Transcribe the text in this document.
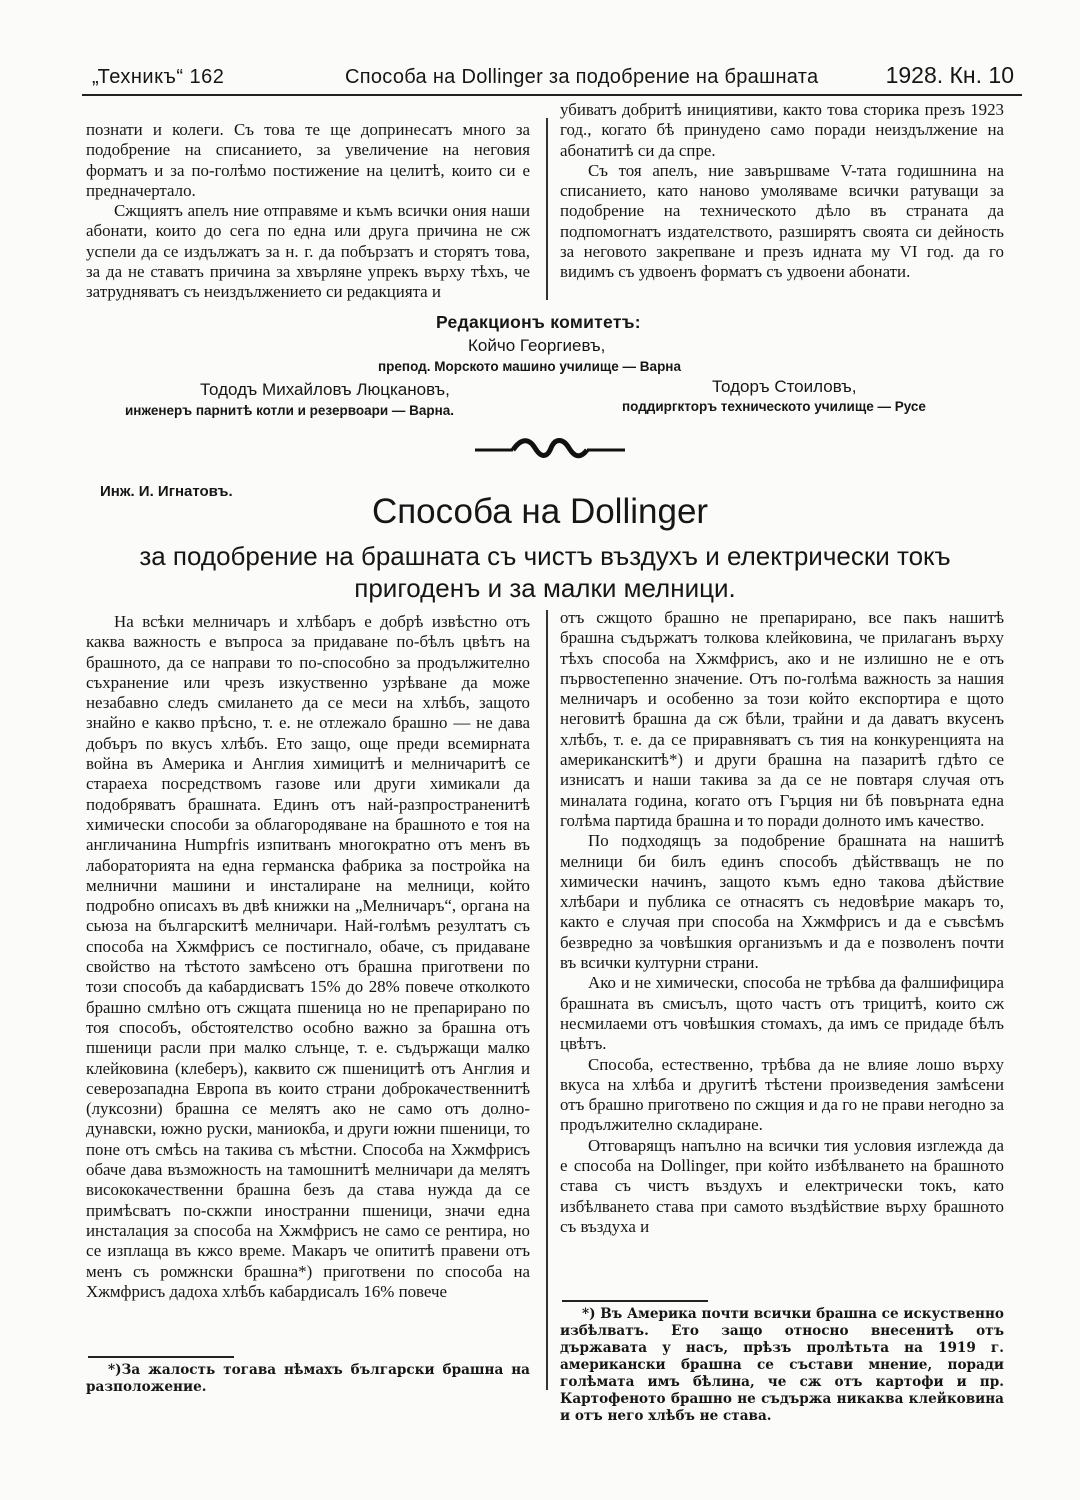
„Техникъ“ 162	Способа на Dollinger за подобрение на брашната	1928. Кн. 10

познати и колеги. Съ това те ще допринесатъ много за подобрение на списанието, за увеличение на неговия форматъ и за по-голѣмо постижение на целитѣ, които си е предначертало.

Сжщиятъ апелъ ние отправяме и къмъ всички ония наши абонати, които до сега по една или друга причина не сж успели да се издължатъ за н. г. да побързатъ и сторятъ това, за да не ставатъ причина за хвърляне упрекъ върху тѣхъ, че затрудняватъ съ неиздължението си редакцията и

убиватъ добритѣ инициятиви, както това сторика презъ 1923 год., когато бѣ принудено само поради неиздължение на абонатитѣ си да спре.

Съ тоя апелъ, ние завършваме V-тата годишнина на списанието, като наново умоляваме всички ратуващи за подобрение на техническото дѣло въ страната да подпомогнатъ издателството, разширятъ своята си дейность за неговото закрепване и презъ идната му VI год. да го видимъ съ удвоенъ форматъ съ удвоени абонати.

Редакционъ комитетъ:
Койчо Георгиевъ,
препод. Морското машино училище — Варна
Тододъ Михайловъ Люцкановъ,
инженеръ парнитѣ котли и резервоари — Варна.
Тодоръ Стоиловъ,
поддиргкторъ техническото училище — Русе
Инж. И. Игнатовъ.
Способа на Dollinger
за подобрение на брашната съ чистъ въздухъ и електрически токъ пригоденъ и за малки мелници.

На всѣки мелничаръ и хлѣбаръ е добрѣ извѣстно отъ каква важность е въпроса за придаване по-бѣлъ цвѣтъ на брашното, да се направи то по-способно за продължително съхранение или чрезъ изкуственно узрѣване да може незабавно следъ смилането да се меси на хлѣбъ, защото знайно е какво прѣсно, т. е. не отлежало брашно — не дава добъръ по вкусъ хлѣбъ. Ето защо, още преди всемирната война въ Америка и Англия химицитѣ и мелничаритѣ се стараеха посредствомъ газове или други химикали да подобряватъ брашната. Единъ отъ най-разпространенитѣ химически способи за облагородяване на брашното е тоя на англичанина Humpfris изпитванъ многократно отъ менъ въ лабораторията на една германска фабрика за постройка на мелнични машини и инсталиране на мелници, който подробно описахъ въ двѣ книжки на „Мелничаръ“, органа на сьюза на българскитѣ мелничари. Най-голѣмъ резултатъ съ способа на Хжмфрисъ се постигнало, обаче, съ придаване свойство на тѣстото замѣсено отъ брашна приготвени по този способъ да кабардисватъ 15% до 28% повече отколкото брашно смлѣно отъ сжщата пшеница но не препарирано по тоя способъ, обстоятелство особно важно за брашна отъ пшеници расли при малко слънце, т. е. съдържащи малко клейковина (клеберъ), каквито сж пшеницитѣ отъ Англия и северозападна Европа въ които страни доброкачественнитѣ (луксозни) брашна се мелятъ ако не само отъ долно-дунавски, южно руски, маниокба, и други южни пшеници, то поне отъ смѣсь на такива съ мѣстни. Способа на Хжмфрисъ обаче дава възможность на тамошнитѣ мелничари да мелятъ висококачественни брашна безъ да става нужда да се примѣсватъ по-скжпи иностранни пшеници, значи една инсталация за способа на Хжмфрисъ не само се рентира, но се изплаща въ кжсо време. Макаръ че опититѣ правени отъ менъ съ ромжнски брашна*) приготвени по способа на Хжмфрисъ дадоха хлѣбъ кабардисалъ 16% повече

отъ сжщото брашно не препарирано, все пакъ нашитѣ брашна съдържатъ толкова клейковина, че прилаганъ върху тѣхъ способа на Хжмфрисъ, ако и не излишно не е отъ първостепенно значение. Отъ по-голѣма важность за нашия мелничаръ и особенно за този който експортира е щото неговитѣ брашна да сж бѣли, трайни и да даватъ вкусенъ хлѣбъ, т. е. да се приравняватъ съ тия на конкуренцията на американскитѣ*) и други брашна на пазаритѣ гдѣто се изнисатъ и наши такива за да се не повтаря случая отъ миналата година, когато отъ Гърция ни бѣ повърната една голѣма партида брашна и то поради долното имъ качество.

По подходящъ за подобрение брашната на нашитѣ мелници би билъ единъ способъ дѣйствващъ не по химически начинъ, защото къмъ едно такова дѣйствие хлѣбари и публика се отнасятъ съ недовѣрие макаръ то, както е случая при способа на Хжмфрисъ и да е съвсѣмъ безвредно за човѣшкия организъмъ и да е позволенъ почти въ всички културни страни.

Ако и не химически, способа не трѣбва да фалшифицира брашната въ смисълъ, щото частъ отъ трицитѣ, които сж несмилаеми отъ човѣшкия стомахъ, да имъ се придаде бѣлъ цвѣтъ.

Способа, естественно, трѣбва да не влияе лошо върху вкуса на хлѣба и другитѣ тѣстени произведения замѣсени отъ брашно приготвено по сжщия и да го не прави негодно за продължително складиране.

Отговарящъ напълно на всички тия условия изглежда да е способа на Dollinger, при който избѣлването на брашното става съ чистъ въздухъ и електрически токъ, като избѣлването става при самото въздѣйствие върху брашното съ въздуха и

*)За жалость тогава нѣмахъ български брашна на разположение.

*) Въ Америка почти всички брашна се искуственно избѣлватъ. Ето защо относно внесенитѣ отъ държавата у насъ, прѣзъ пролѣтьта на 1919 г. американски брашна се състави мнение, поради голѣмата имъ бѣлина, че сж отъ картофи и пр. Картофеното брашно не съдържа никаква клейковина и отъ него хлѣбъ не става.
